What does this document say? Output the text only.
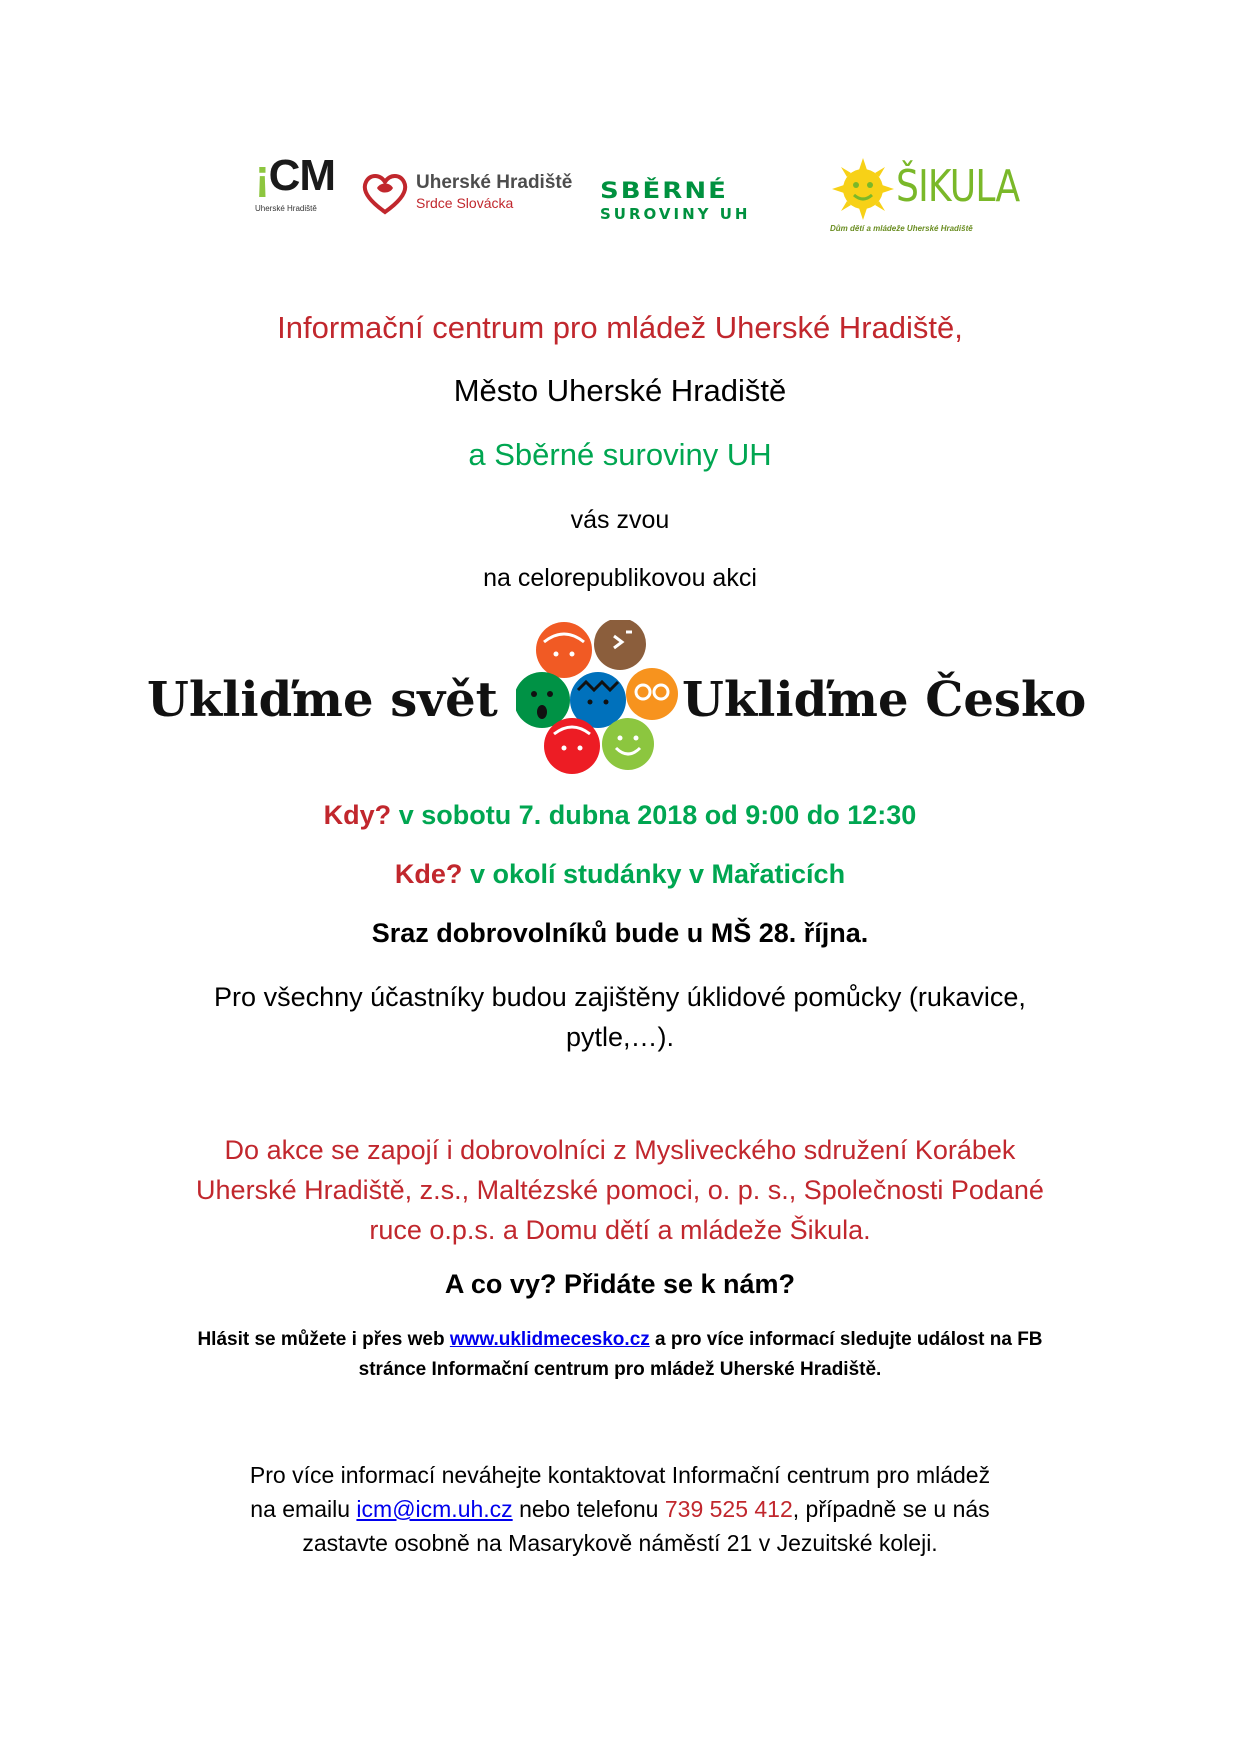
¡CM
Uherské Hradiště
Uherské Hradiště
Srdce Slovácka	SBĚRNÉ
SUROVINY UH
ŠIKULA
Dům dětí a mládeže Uherské Hradiště
Informační centrum pro mládež Uherské Hradiště,
Město Uherské Hradiště
a Sběrné suroviny UH
vás zvou
na celorepublikovou akci
Ukliďme svět	Ukliďme Česko
Kdy? v sobotu 7. dubna 2018 od 9:00 do 12:30
Kde? v okolí studánky v Mařaticích
Sraz dobrovolníků bude u MŠ 28. října.
Pro všechny účastníky budou zajištěny úklidové pomůcky (rukavice,
pytle,…).
Do akce se zapojí i dobrovolníci z Mysliveckého sdružení Korábek
Uherské Hradiště, z.s., Maltézské pomoci, o. p. s., Společnosti Podané
ruce o.p.s. a Domu dětí a mládeže Šikula.
A co vy? Přidáte se k nám?
Hlásit se můžete i přes web www.uklidmecesko.cz a pro více informací sledujte událost na FB
stránce Informační centrum pro mládež Uherské Hradiště.
Pro více informací neváhejte kontaktovat Informační centrum pro mládež
na emailu icm@icm.uh.cz nebo telefonu 739 525 412, případně se u nás
zastavte osobně na Masarykově náměstí 21 v Jezuitské koleji.
